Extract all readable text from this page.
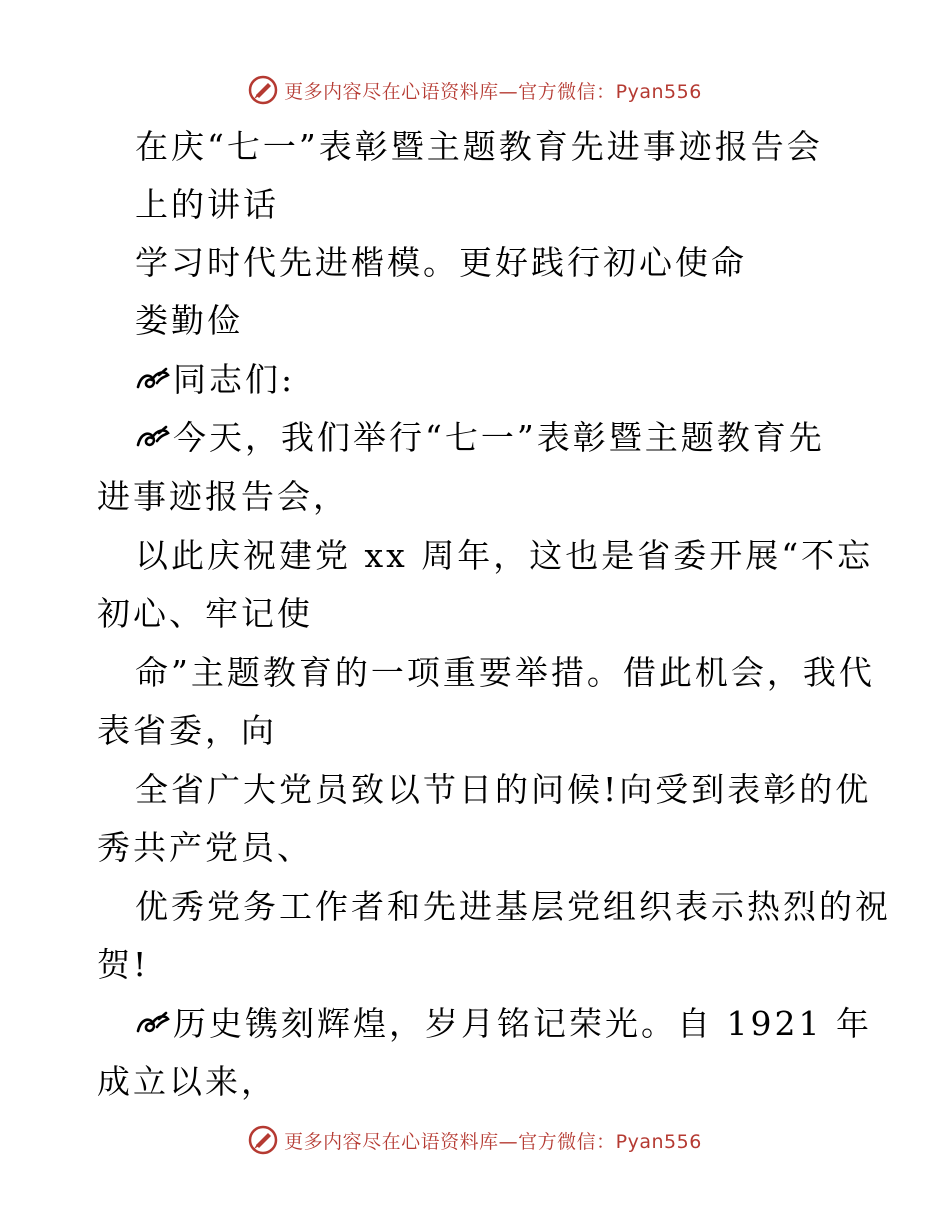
更多内容尽在心语资料库—官方微信：Pyan556
在庆“七一”表彰暨主题教育先进事迹报告会
上的讲话
学习时代先进楷模。更好践行初心使命
娄勤俭
同志们:
今天，我们举行“七一”表彰暨主题教育先
进事迹报告会，
以此庆祝建党 xx 周年，这也是省委开展“不忘
初心、牢记使
命”主题教育的一项重要举措。借此机会，我代
表省委，向
全省广大党员致以节日的问候!向受到表彰的优
秀共产党员、
优秀党务工作者和先进基层党组织表示热烈的祝
贺!
历史镌刻辉煌，岁月铭记荣光。自 1921 年
成立以来，
更多内容尽在心语资料库—官方微信：Pyan556
